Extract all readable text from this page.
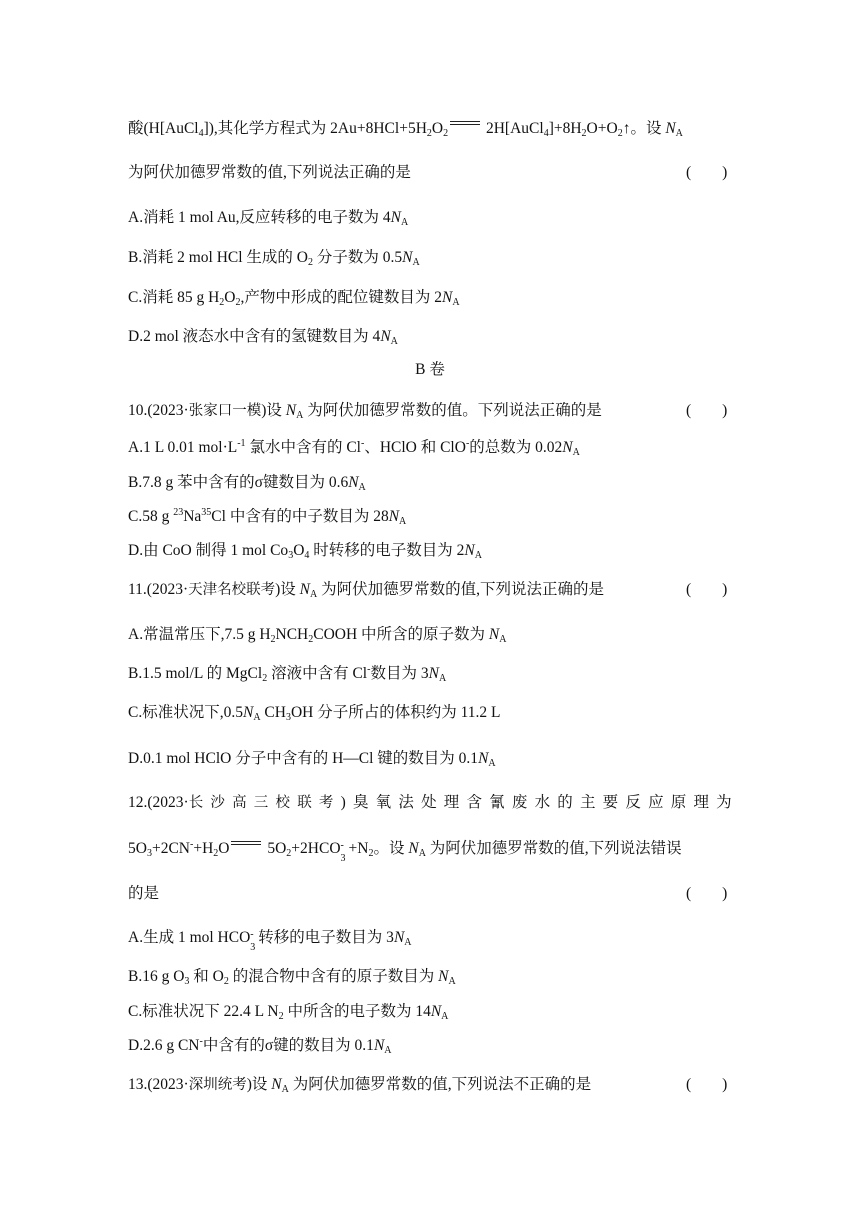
酸(H[AuCl$_4$]),其化学方程式为 $2Au+8HCl+5H_2O_2$ $2H[AuCl_4]+8H_2O+O_2↑$。设 $N_A$
为阿伏加德罗常数的值,下列说法正确的是	(        )
A.消耗 1 mol Au,反应转移的电子数为 $4N_A$
B.消耗 2 mol HCl 生成的 $O_2$ 分子数为 $0.5N_A$
C.消耗 85 g $H_2O_2$,产物中形成的配位键数目为 $2N_A$
D.2 mol 液态水中含有的氢键数目为 $4N_A$
B 卷
10.(2023·张家口一模)设 $N_A$ 为阿伏加德罗常数的值。下列说法正确的是	(        )
A.1 L 0.01 $mol\cdot L^{-1}$ 氯水中含有的 Cl-、HClO 和 ClO-的总数为 $0.02N_A$
B.7.8 g 苯中含有的σ键数目为 $0.6N_A$
C.58 g $^{23}$Na$^{35}$Cl 中含有的中子数目为 $28N_A$
D.由 CoO 制得 1 mol $Co_3O_4$ 时转移的电子数目为 $2N_A$
11.(2023·天津名校联考)设 $N_A$ 为阿伏加德罗常数的值,下列说法正确的是	(        )
A.常温常压下,7.5 g $H_2NCH_2COOH$ 中所含的原子数为 $N_A$
B.1.5 mol/L 的 MgCl$_2$ 溶液中含有 Cl-数目为 $3N_A$
C.标准状况下$,0.5N_A$ $CH_3OH$ 分子所占的体积约为 11.2 L
D.0.1 mol HClO 分子中含有的 H—Cl 键的数目为 $0.1N_A$
12.(2023·长沙高三校联考)臭氧法处理含氰废水的主要反应原理为
$5O_3+2CN^-+H_2O$ $5O_2+2HCO$ -
3
$+N_2$。设 $N_A$ 为阿伏加德罗常数的值,下列说法错误
的是	(        )
A.生成 1 mol HCO -
3
转移的电子数目为 $3N_A$
B.16 g $O_3$ 和 $O_2$ 的混合物中含有的原子数目为 $N_A$
C.标准状况下 22.4 L $N_2$ 中所含的电子数为 $14N_A$
D.2.6 g CN-中含有的σ键的数目为 $0.1N_A$
13.(2023·深圳统考)设 $N_A$ 为阿伏加德罗常数的值,下列说法不正确的是	(        )
